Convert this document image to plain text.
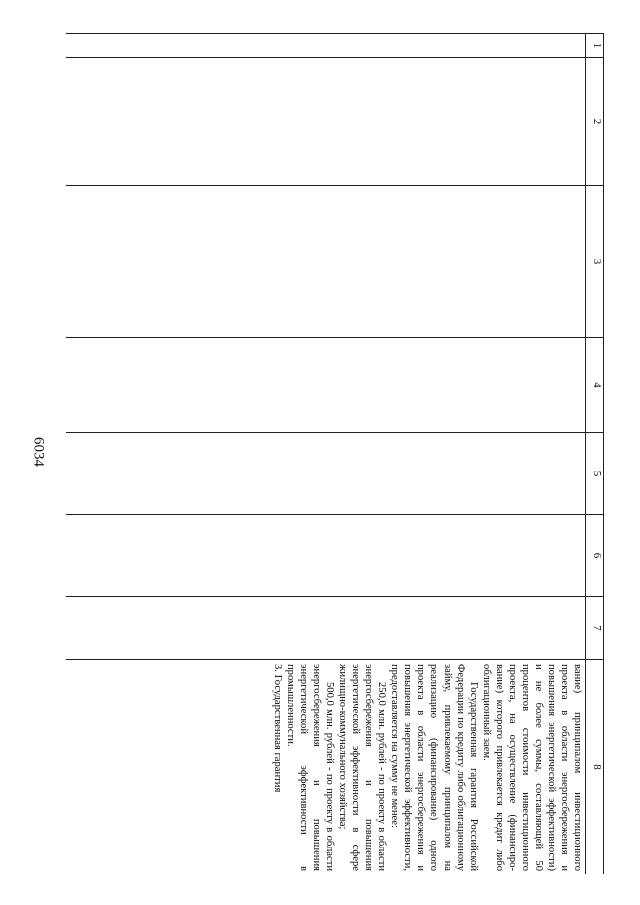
6034
1	2	3	4	5	6	7	8

							вание) принципалом инвестиционного проекта в области энергосбережения и повышения энергетической эффективности) и не более суммы, составляющей 50 процентов стоимости инвестиционного проекта, на осуществление (финансиро-вание) которого привлекается кредит либо облигационный заем.

Государственная гарантия Российской Федерации по кредиту либо облигационному займу, привлекаемому принципалом на реализацию (финансирование) одного проекта в области энергосбережения и повышения энергетической эффективности, предоставляется на сумму не менее:

250,0 млн. рублей - по проекту в области энергосбережения и повышения энергетической эффективности в сфере жилищно-коммунального хозяйства;

500,0 млн. рублей - по проекту в области энергосбережения и повышения энергетической эффективности в промышленности.

3. Государственная гарантия
